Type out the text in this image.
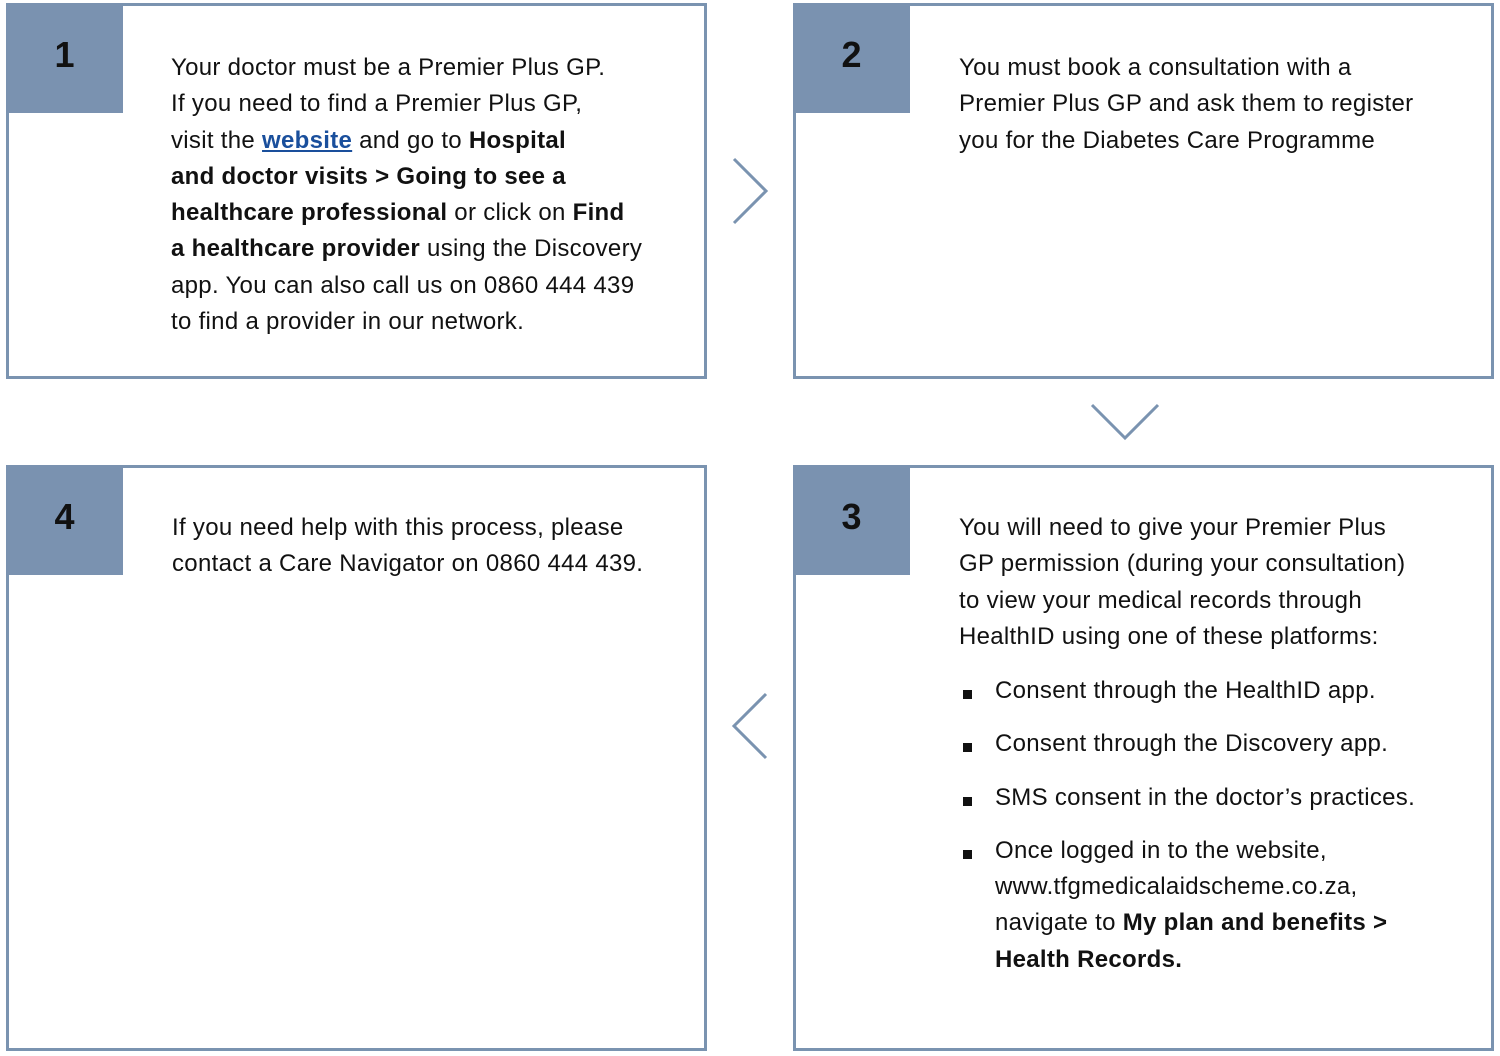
1	Your doctor must be a Premier Plus GP.
If you need to find a Premier Plus GP,
visit the website and go to Hospital
and doctor visits > Going to see a
healthcare professional or click on Find
a healthcare provider using the Discovery
app. You can also call us on 0860 444 439
to find a provider in our network.
2	You must book a consultation with a
Premier Plus GP and ask them to register
you for the Diabetes Care Programme
4	If you need help with this process, please
contact a Care Navigator on 0860 444 439.
3	You will need to give your Premier Plus
GP permission (during your consultation)
to view your medical records through
HealthID using one of these platforms:
Consent through the HealthID app.
Consent through the Discovery app.
SMS consent in the doctor’s practices.
Once logged in to the website,
www.tfgmedicalaidscheme.co.za,
navigate to My plan and benefits >
Health Records.
